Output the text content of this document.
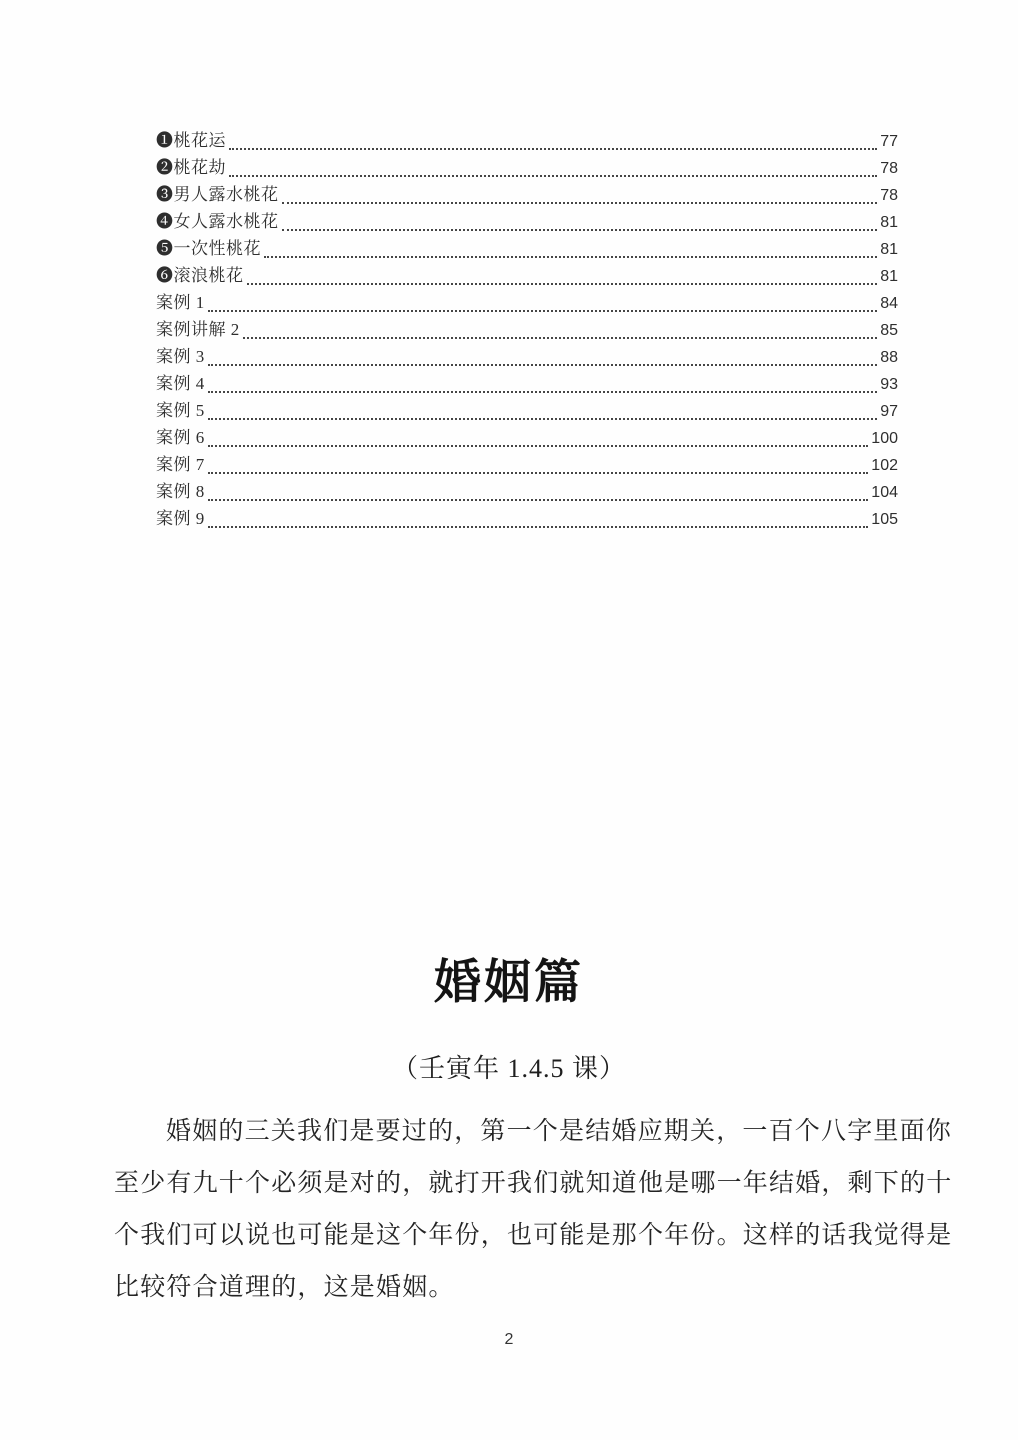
❶桃花运	77
❷桃花劫	78
❸男人露水桃花	78
❹女人露水桃花	81
❺一次性桃花	81
❻滚浪桃花	81
案例 1	84
案例讲解 2	85
案例 3	88
案例 4	93
案例 5	97
案例 6	100
案例 7	102
案例 8	104
案例 9	105
婚姻篇
（壬寅年 1.4.5 课）
婚姻的三关我们是要过的，第一个是结婚应期关，一百个八字里面你
至少有九十个必须是对的，就打开我们就知道他是哪一年结婚，剩下的十
个我们可以说也可能是这个年份，也可能是那个年份。这样的话我觉得是
比较符合道理的，这是婚姻。
2
